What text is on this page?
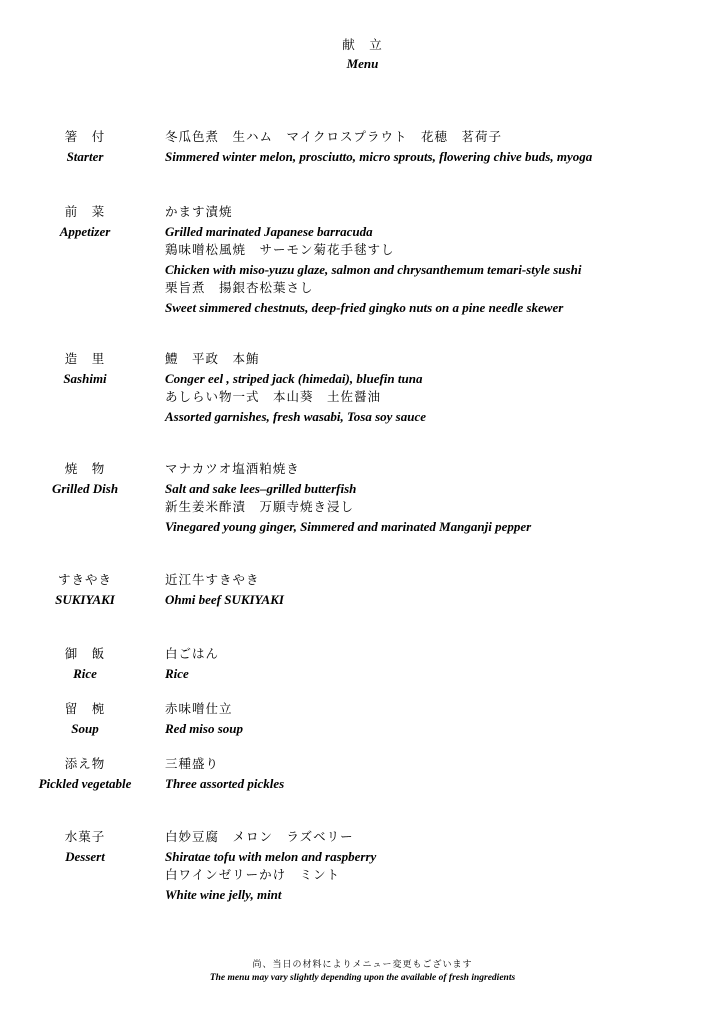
献　立
Menu
箸　付
Starter
冬瓜色煮　生ハム　マイクロスプラウト　花穂　茗荷子
Simmered winter melon, prosciutto, micro sprouts, flowering chive buds, myoga
前　菜
Appetizer
かます漬焼
Grilled marinated Japanese barracuda
鶏味噌松風焼　サーモン菊花手毬すし
Chicken with miso-yuzu glaze, salmon and chrysanthemum temari-style sushi
栗旨煮　揚銀杏松葉さし
Sweet simmered chestnuts, deep-fried gingko nuts on a pine needle skewer
造　里
Sashimi
鱧　平政　本鮪
Conger eel , striped jack (himedai), bluefin tuna
あしらい物一式　本山葵　土佐醤油
Assorted garnishes, fresh wasabi, Tosa soy sauce
焼　物
Grilled Dish
マナカツオ塩酒粕焼き
Salt and sake lees–grilled butterfish
新生姜米酢漬　万願寺焼き浸し
Vinegared young ginger, Simmered and marinated Manganji pepper
すきやき
SUKIYAKI
近江牛すきやき
Ohmi beef SUKIYAKI
御　飯
Rice
白ごはん
Rice
留　椀
Soup
赤味噌仕立
Red miso soup
添え物
Pickled vegetable
三種盛り
Three assorted pickles
水菓子
Dessert
白妙豆腐　メロン　ラズベリー
Shiratae tofu with melon and raspberry
白ワインゼリーかけ　ミント
White wine jelly, mint
尚、当日の材料によりメニュー変更もございます
The menu may vary slightly depending upon the available of fresh ingredients
